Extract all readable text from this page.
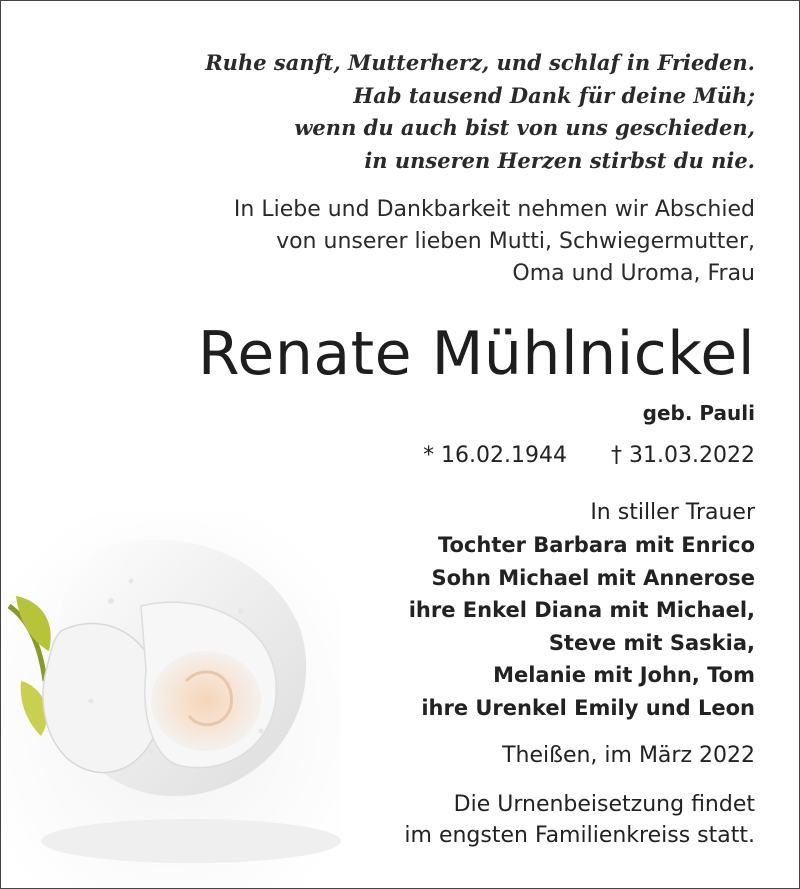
Ruhe sanft, Mutterherz, und schlaf in Frieden.
Hab tausend Dank für deine Müh;
wenn du auch bist von uns geschieden,
in unseren Herzen stirbst du nie.
In Liebe und Dankbarkeit nehmen wir Abschied
von unserer lieben Mutti, Schwiegermutter,
Oma und Uroma, Frau
Renate Mühlnickel
geb. Pauli
* 16.02.1944 † 31.03.2022
In stiller Trauer
Tochter Barbara mit Enrico
Sohn Michael mit Annerose
ihre Enkel Diana mit Michael,
Steve mit Saskia,
Melanie mit John, Tom
ihre Urenkel Emily und Leon
Theißen, im März 2022
Die Urnenbeisetzung findet
im engsten Familienkreiss statt.
